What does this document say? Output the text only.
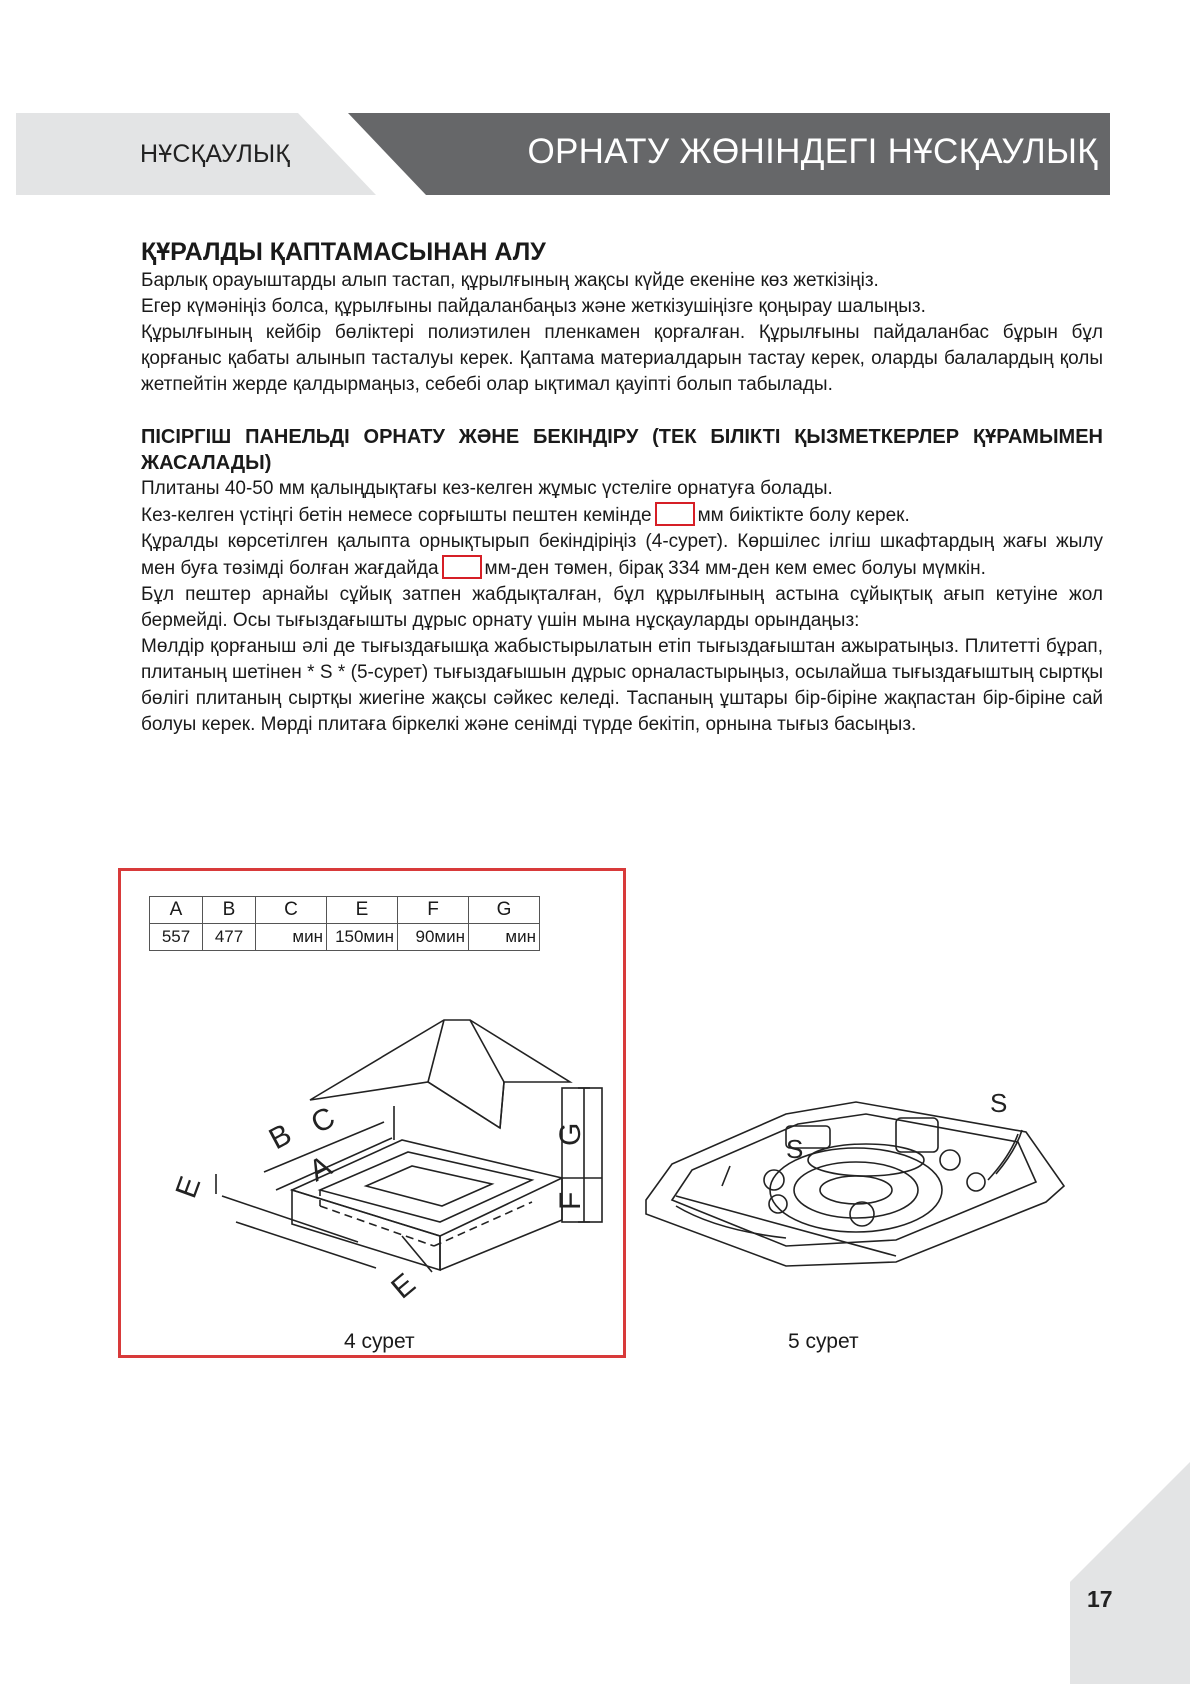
НҰСҚАУЛЫҚ	ОРНАТУ ЖӨНІНДЕГІ НҰСҚАУЛЫҚ
ҚҰРАЛДЫ ҚАПТАМАСЫНАН АЛУ

Барлық орауыштарды алып тастап, құрылғының жақсы күйде екеніне көз жеткізіңіз.

Егер күмәніңіз болса, құрылғыны пайдаланбаңыз және жеткізушіңізге қоңырау шалыңыз.

Құрылғының кейбір бөліктері полиэтилен пленкамен қорғалған. Құрылғыны пайдаланбас бұрын бұл қорғаныс қабаты алынып тасталуы керек. Қаптама материалдарын тастау керек, оларды балалардың қолы жетпейтін жерде қалдырмаңыз, себебі олар ықтимал қауіпті болып табылады.

ПІСІРГІШ ПАНЕЛЬДІ ОРНАТУ ЖӘНЕ БЕКІНДІРУ (ТЕК БІЛІКТІ ҚЫЗМЕТКЕРЛЕР ҚҰРАМЫМЕН ЖАСАЛАДЫ)

Плитаны 40-50 мм қалыңдықтағы кез-келген жұмыс үстеліге орнатуға болады.

Кез-келген үстіңгі бетін немесе сорғышты пештен кемінде мм биіктікте болу керек.

Құралды көрсетілген қалыпта орнықтырып бекіндіріңіз (4-сурет). Көршілес ілгіш шкафтардың жағы жылу мен буға төзімді болған жағдайда мм-ден төмен, бірақ 334 мм-ден кем емес болуы мүмкін.

Бұл пештер арнайы сұйық затпен жабдықталған, бұл құрылғының астына сұйықтық ағып кетуіне жол бермейді. Осы тығыздағышты дұрыс орнату үшін мына нұсқауларды орындаңыз:

Мөлдір қорғаныш әлі де тығыздағышқа жабыстырылатын етіп тығыздағыштан ажыратыңыз. Плитетті бұрап, плитаның шетінен * S * (5-сурет) тығыздағышын дұрыс орналастырыңыз, осылайша тығыздағыштың сыртқы бөлігі плитаның сыртқы жиегіне жақсы сәйкес келеді. Таспаның ұштары бір-біріне жақпастан бір-біріне сай болуы керек. Мөрді плитаға біркелкі және сенімді түрде бекітіп, орнына тығыз басыңыз.

A	B	C	E	F	G
557	477	мин	150мин	90мин	мин
A
B C
E
E
F
G
4 сурет
S
S
5 сурет
17
